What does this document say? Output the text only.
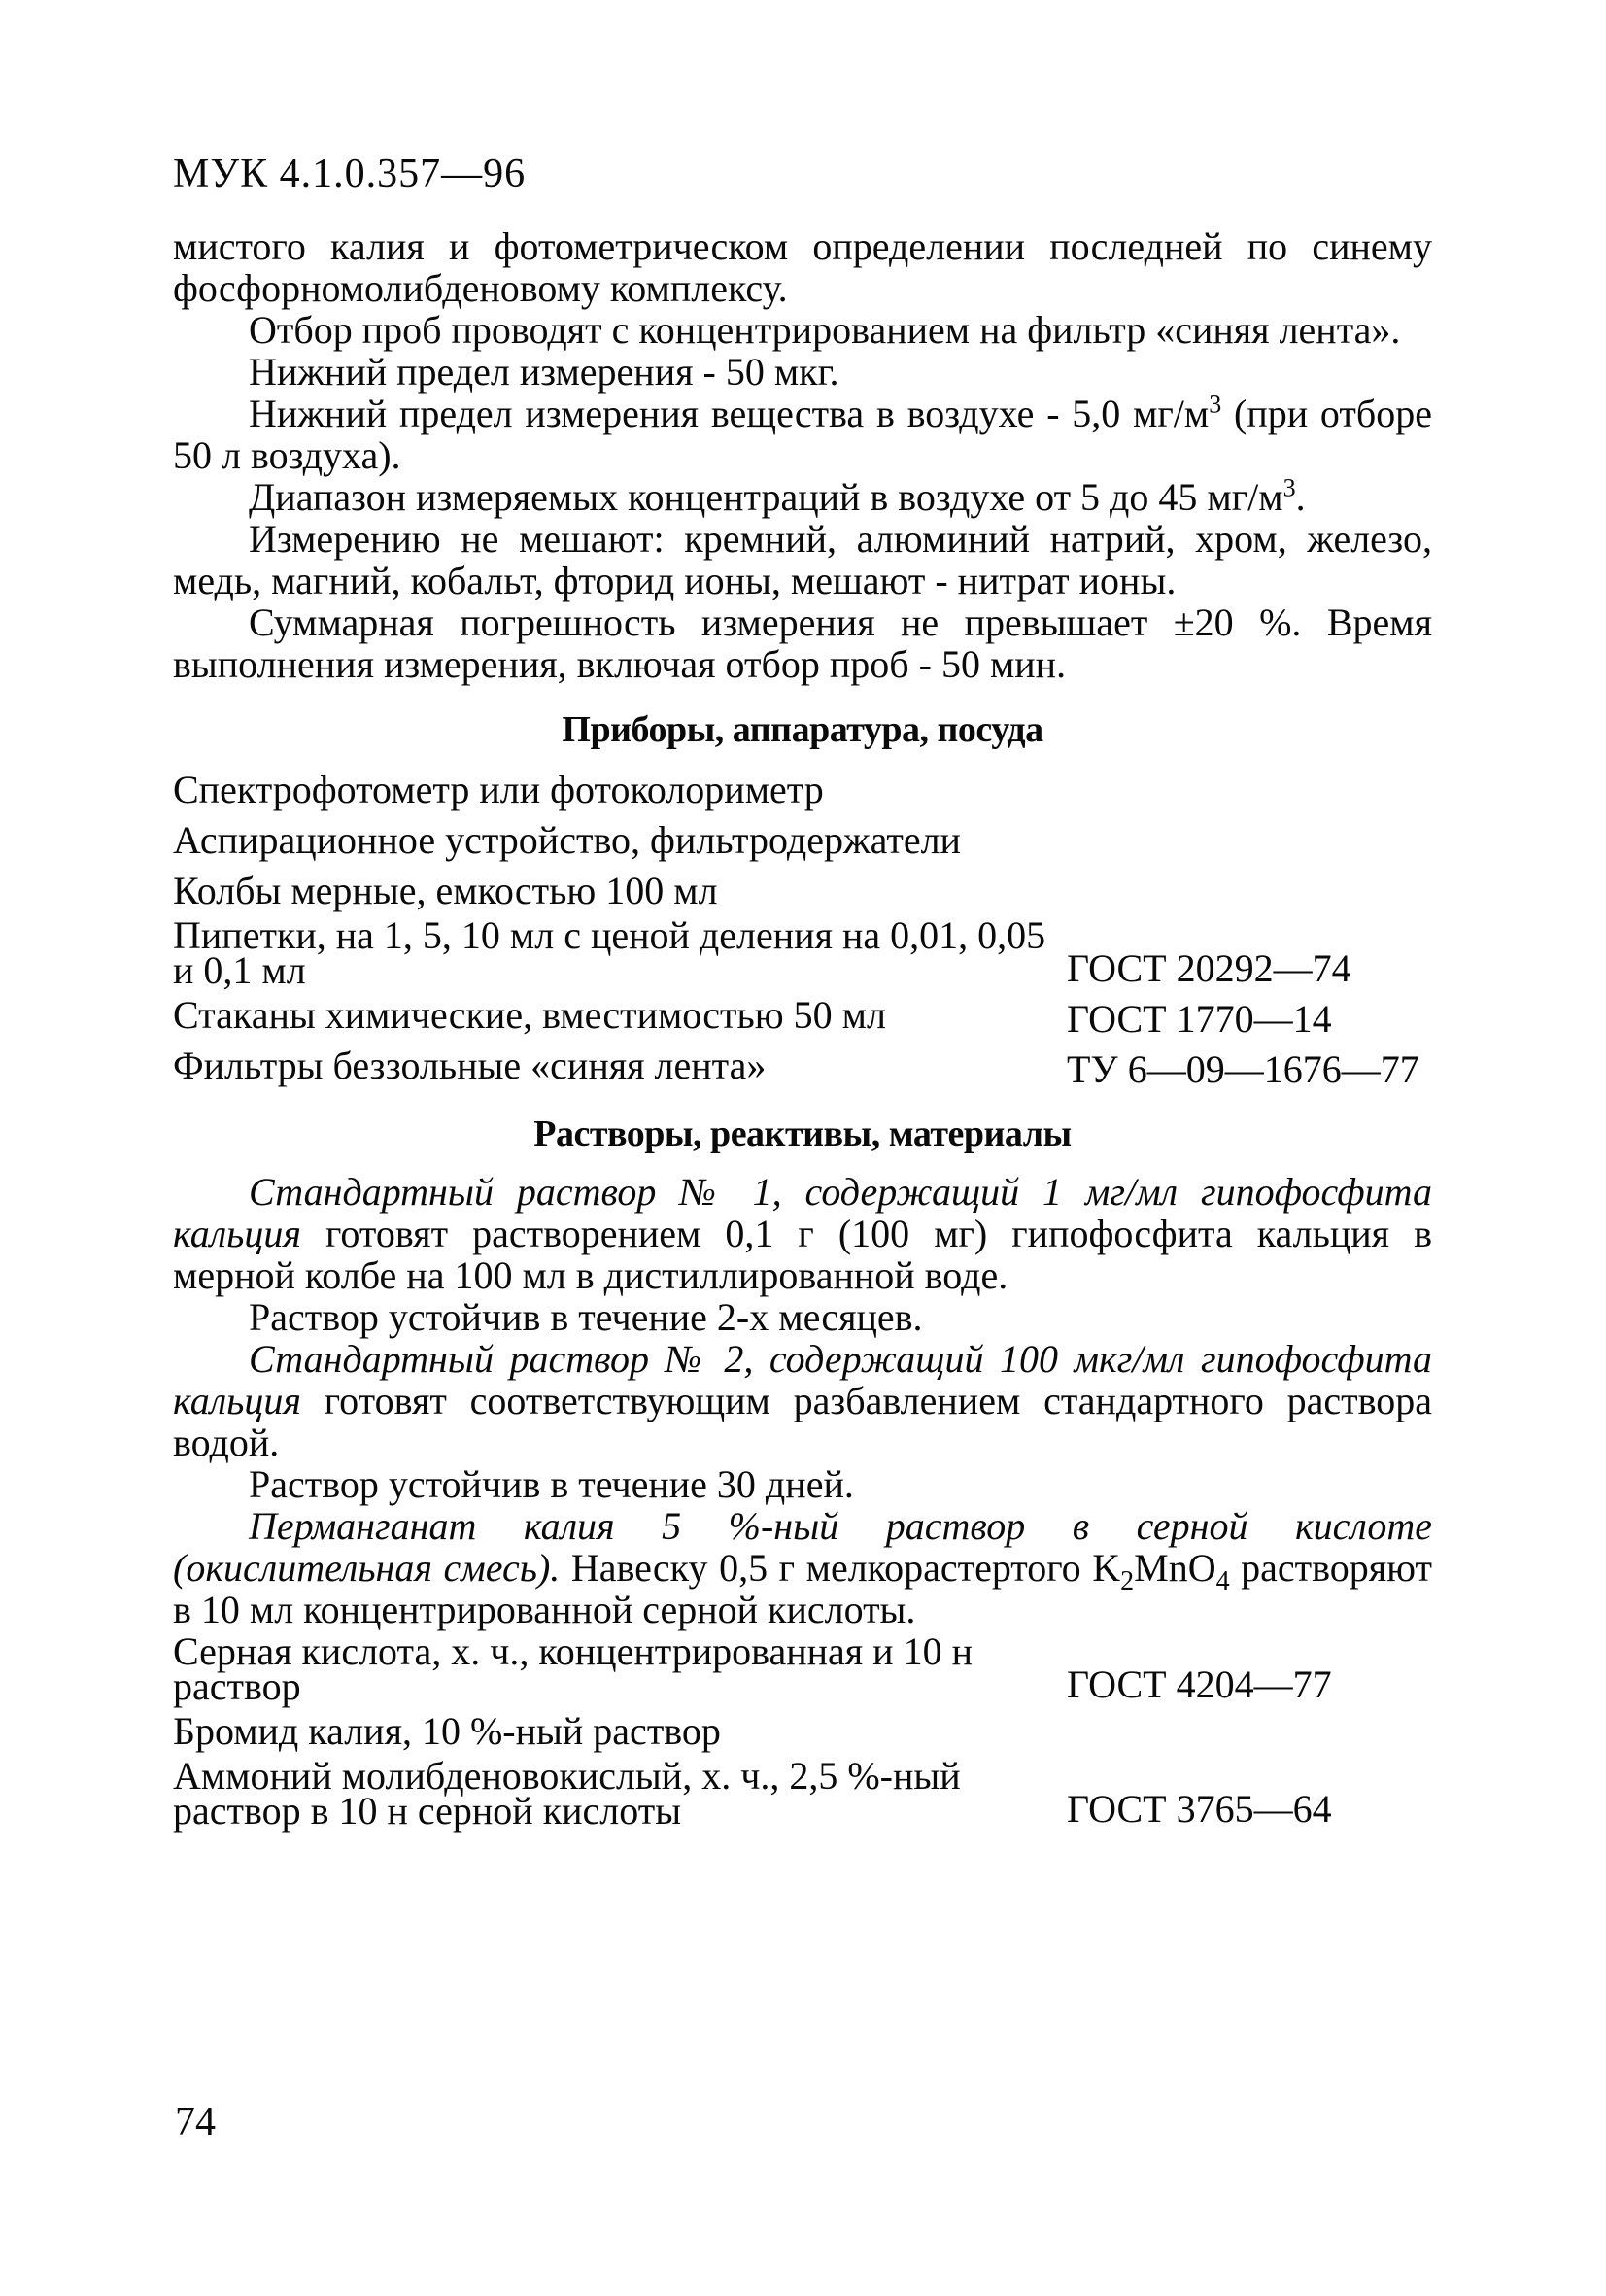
МУК 4.1.0.357—96

мистого калия и фотометрическом определении последней по синему фосфорномолибденовому комплексу.

Отбор проб проводят с концентрированием на фильтр «синяя лента».

Нижний предел измерения - 50 мкг.

Нижний предел измерения вещества в воздухе - 5,0 $мг/м^3$ (при отборе 50 л воздуха).

Диапазон измеряемых концентраций в воздухе от 5 до 45 $мг/м^3$.

Измерению не мешают: кремний, алюминий натрий, хром, железо, медь, магний, кобальт, фторид ионы, мешают - нитрат ионы.

Суммарная погрешность измерения не превышает ±20 %. Время выполнения измерения, включая отбор проб - 50 мин.

Приборы, аппаратура, посуда
Спектрофотометр или фотоколориметр
Аспирационное устройство, фильтродержатели
Колбы мерные, емкостью 100 мл
Пипетки, на 1, 5, 10 мл с ценой деления на 0,01, 0,05 и 0,1 мл	ГОСТ 20292—74
Стаканы химические, вместимостью 50 мл	ГОСТ 1770—14
Фильтры беззольные «синяя лента»	ТУ 6—09—1676—77
Растворы, реактивы, материалы

Стандартный раствор № 1, содержащий 1 мг/мл гипофосфита кальция готовят растворением 0,1 г (100 мг) гипофосфита кальция в мерной колбе на 100 мл в дистиллированной воде.

Раствор устойчив в течение 2-х месяцев.

Стандартный раствор № 2, содержащий 100 мкг/мл гипофосфита кальция готовят соответствующим разбавлением стандартного раствора водой.

Раствор устойчив в течение 30 дней.

Перманганат калия 5 %-ный раствор в серной кислоте (окислительная смесь). Навеску 0,5 г мелкорастертого $K_2MnO_4$ растворяют в 10 мл концентрированной серной кислоты.

Серная кислота, х. ч., концентрированная и 10 н раствор	ГОСТ 4204—77
Бромид калия, 10 %-ный раствор
Аммоний молибденовокислый, х. ч., 2,5 %-ный раствор в 10 н серной кислоты	ГОСТ 3765—64
74
